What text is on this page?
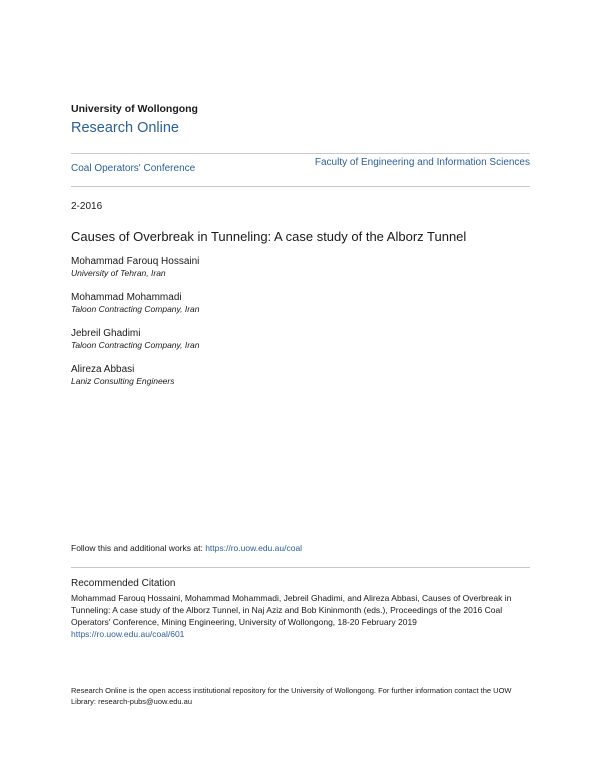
University of Wollongong
Research Online
Coal Operators' Conference
Faculty of Engineering and Information Sciences
2-2016
Causes of Overbreak in Tunneling: A case study of the Alborz Tunnel
Mohammad Farouq Hossaini
University of Tehran, Iran
Mohammad Mohammadi
Taloon Contracting Company, Iran
Jebreil Ghadimi
Taloon Contracting Company, Iran
Alireza Abbasi
Laniz Consulting Engineers
Follow this and additional works at: https://ro.uow.edu.au/coal
Recommended Citation
Mohammad Farouq Hossaini, Mohammad Mohammadi, Jebreil Ghadimi, and Alireza Abbasi, Causes of Overbreak in Tunneling: A case study of the Alborz Tunnel, in Naj Aziz and Bob Kininmonth (eds.), Proceedings of the 2016 Coal Operators' Conference, Mining Engineering, University of Wollongong, 18-20 February 2019
https://ro.uow.edu.au/coal/601
Research Online is the open access institutional repository for the University of Wollongong. For further information contact the UOW Library: research-pubs@uow.edu.au
